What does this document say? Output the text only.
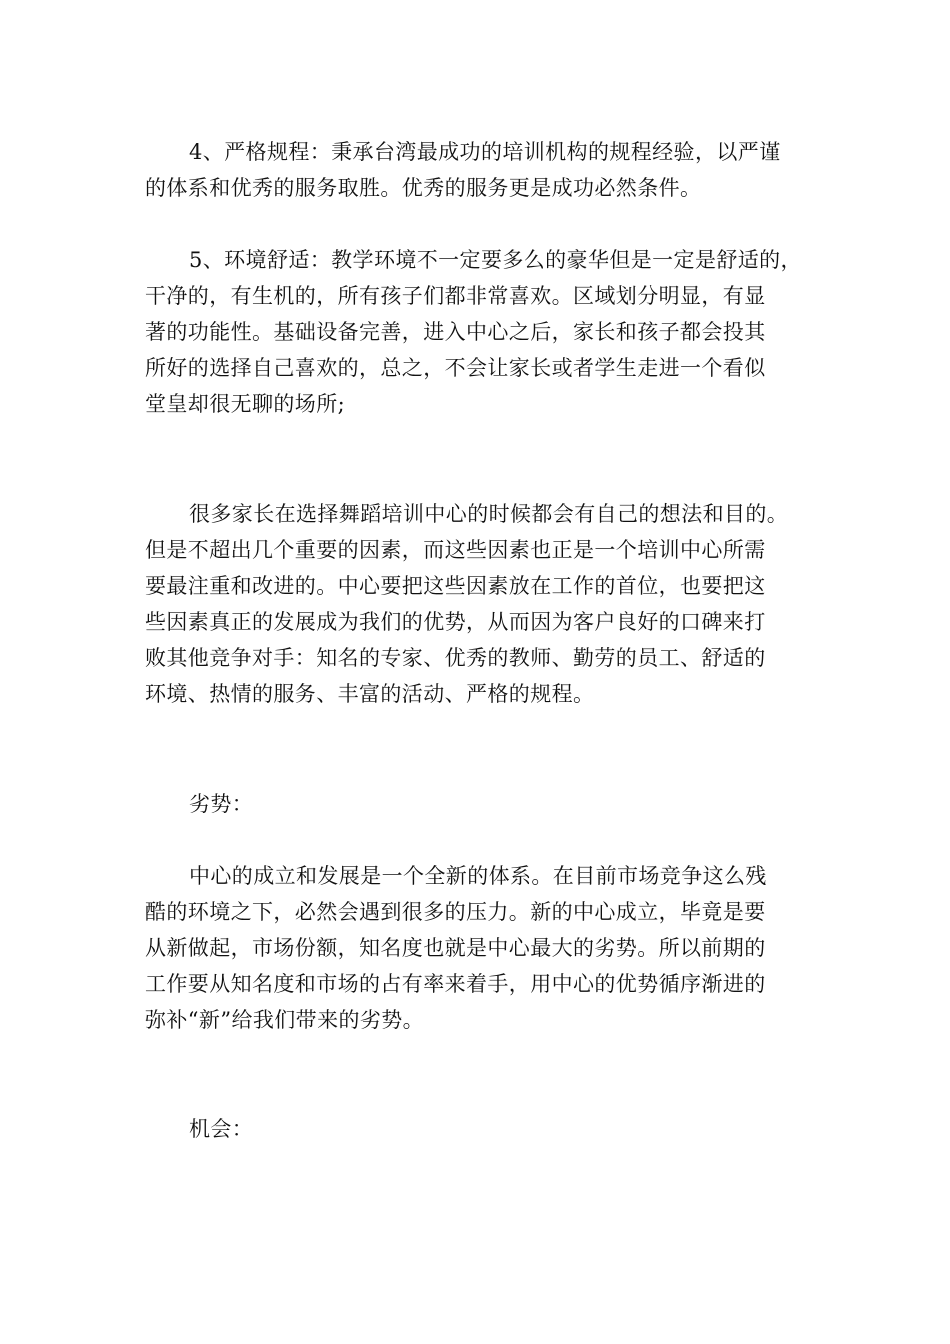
4、严格规程：秉承台湾最成功的培训机构的规程经验，以严谨
的体系和优秀的服务取胜。优秀的服务更是成功必然条件。
5、环境舒适：教学环境不一定要多么的豪华但是一定是舒适的，
干净的，有生机的，所有孩子们都非常喜欢。区域划分明显，有显
著的功能性。基础设备完善，进入中心之后，家长和孩子都会投其
所好的选择自己喜欢的，总之，不会让家长或者学生走进一个看似
堂皇却很无聊的场所;
很多家长在选择舞蹈培训中心的时候都会有自己的想法和目的。
但是不超出几个重要的因素，而这些因素也正是一个培训中心所需
要最注重和改进的。中心要把这些因素放在工作的首位，也要把这
些因素真正的发展成为我们的优势，从而因为客户良好的口碑来打
败其他竞争对手：知名的专家、优秀的教师、勤劳的员工、舒适的
环境、热情的服务、丰富的活动、严格的规程。
劣势：
中心的成立和发展是一个全新的体系。在目前市场竞争这么残
酷的环境之下，必然会遇到很多的压力。新的中心成立，毕竟是要
从新做起，市场份额，知名度也就是中心最大的劣势。所以前期的
工作要从知名度和市场的占有率来着手，用中心的优势循序渐进的
弥补“新”给我们带来的劣势。
机会：
